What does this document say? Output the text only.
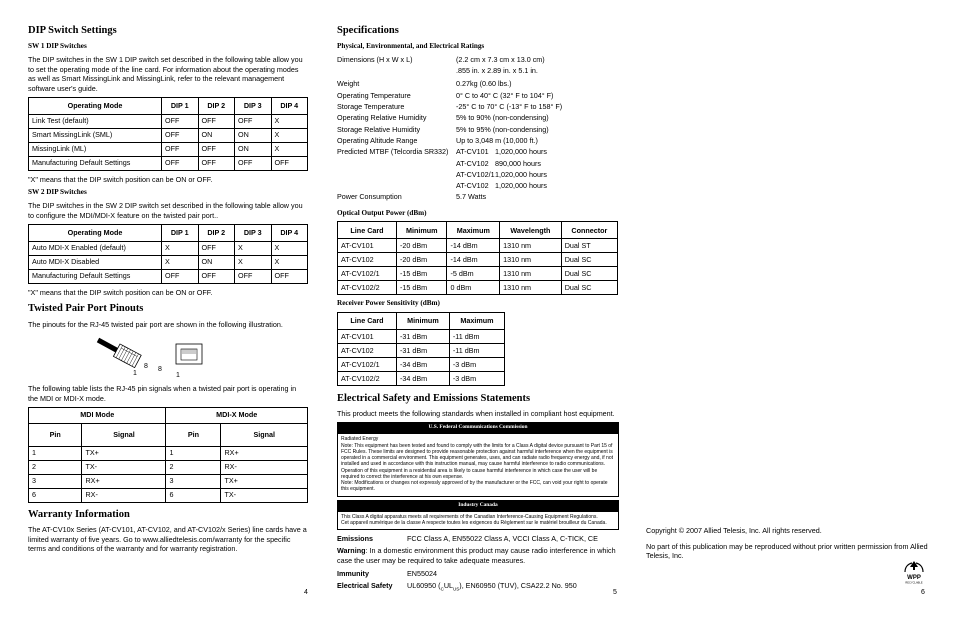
DIP Switch Settings
SW 1 DIP Switches

The DIP switches in the SW 1 DIP switch set described in the following table allow you to set the operating mode of the line card. For information about the operating modes as well as Smart MissingLink and MissingLink, refer to the relevant management software user's guide.

Operating Mode	DIP 1	DIP 2	DIP 3	DIP 4
Link Test (default)	OFF	OFF	OFF	X
Smart MissingLink (SML)	OFF	ON	ON	X
MissingLink (ML)	OFF	OFF	ON	X
Manufacturing Default Settings	OFF	OFF	OFF	OFF

"X" means that the DIP switch position can be ON or OFF.

SW 2 DIP Switches

The DIP switches in the SW 2 DIP switch set described in the following table allow you to configure the MDI/MDI-X feature on the twisted pair port..

Operating Mode	DIP 1	DIP 2	DIP 3	DIP 4
Auto MDI-X Enabled (default)	X	OFF	X	X
Auto MDI-X Disabled	X	ON	X	X
Manufacturing Default Settings	OFF	OFF	OFF	OFF

"X" means that the DIP switch position can be ON or OFF.

Twisted Pair Port Pinouts

The pinouts for the RJ-45 twisted pair port are shown in the following illustration.

1
8 8
1

The following table lists the RJ-45 pin signals when a twisted pair port is operating in the MDI or MDI-X mode.

MDI Mode		MDI-X Mode	
Pin	Signal	Pin	Signal
1	TX+	1	RX+
2	TX-	2	RX-
3	RX+	3	TX+
6	RX-	6	TX-
Warranty Information

The AT-CV10x Series (AT-CV101, AT-CV102, and AT-CV102/x Series) line cards have a limited warranty of five years. Go to www.alliedtelesis.com/warranty for the specific terms and conditions of the warranty and for warranty registration.

4
Specifications
Physical, Environmental, and Electrical Ratings
Dimensions (H x W x L)	(2.2 cm x 7.3 cm x 13.0 cm)
.855 in. x 2.89 in. x 5.1 in.
Weight	0.27kg (0.60 lbs.)
Operating Temperature	0° C to 40° C (32° F to 104° F)
Storage Temperature	-25° C to 70° C (-13° F to 158° F)
Operating Relative Humidity	5% to 90% (non-condensing)
Storage Relative Humidity	5% to 95% (non-condensing)
Operating Altitude Range	Up to 3,048 m (10,000 ft.)
Predicted MTBF (Telcordia SR332)	AT-CV101 1,020,000 hours
AT-CV102 890,000 hours
AT-CV102/1 1,020,000 hours
AT-CV102 1,020,000 hours
Power Consumption	5.7 Watts
Optical Output Power (dBm)
Line Card	Minimum	Maximum	Wavelength	Connector
AT-CV101	-20 dBm	-14 dBm	1310 nm	Dual ST
AT-CV102	-20 dBm	-14 dBm	1310 nm	Dual SC
AT-CV102/1	-15 dBm	-5 dBm	1310 nm	Dual SC
AT-CV102/2	-15 dBm	0 dBm	1310 nm	Dual SC
Receiver Power Sensitivity (dBm)
Line Card	Minimum	Maximum
AT-CV101	-31 dBm	-11 dBm
AT-CV102	-31 dBm	-11 dBm
AT-CV102/1	-34 dBm	-3 dBm
AT-CV102/2	-34 dBm	-3 dBm
Electrical Safety and Emissions Statements

This product meets the following standards when installed in compliant host equipment.

U.S. Federal Communications Commission
Radiated Energy
Note: This equipment has been tested and found to comply with the limits for a Class A digital device pursuant to Part 15 of FCC Rules. These limits are designed to provide reasonable protection against harmful interference when the equipment is operated in a commercial environment. This equipment generates, uses, and can radiate radio frequency energy and, if not installed and used in accordance with this instruction manual, may cause harmful interference to radio communications. Operation of this equipment in a residential area is likely to cause harmful interference in which case the user will be required to correct the interference at his own expense.
Note: Modifications or changes not expressly approved of by the manufacturer or the FCC, can void your right to operate this equipment.
Industry Canada
This Class A digital apparatus meets all requirements of the Canadian Interference-Causing Equipment Regulations.
Cet appareil numérique de la classe A respecte toutes les exigences du Règlement sur le matériel brouilleur du Canada.
Emissions	FCC Class A, EN55022 Class A, VCCI Class A, C-TICK, CE

Warning: In a domestic environment this product may cause radio interference in which case the user may be required to take adequate measures.

Immunity	EN55024
Electrical Safety	UL60950 $(_CUL_{US})$, EN60950 (TUV), CSA22.2 No. 950
5

Copyright © 2007 Allied Telesis, Inc. All rights reserved.

No part of this publication may be reproduced without prior written permission from Allied Telesis, Inc.

WPP
RECYCLABLE
6
